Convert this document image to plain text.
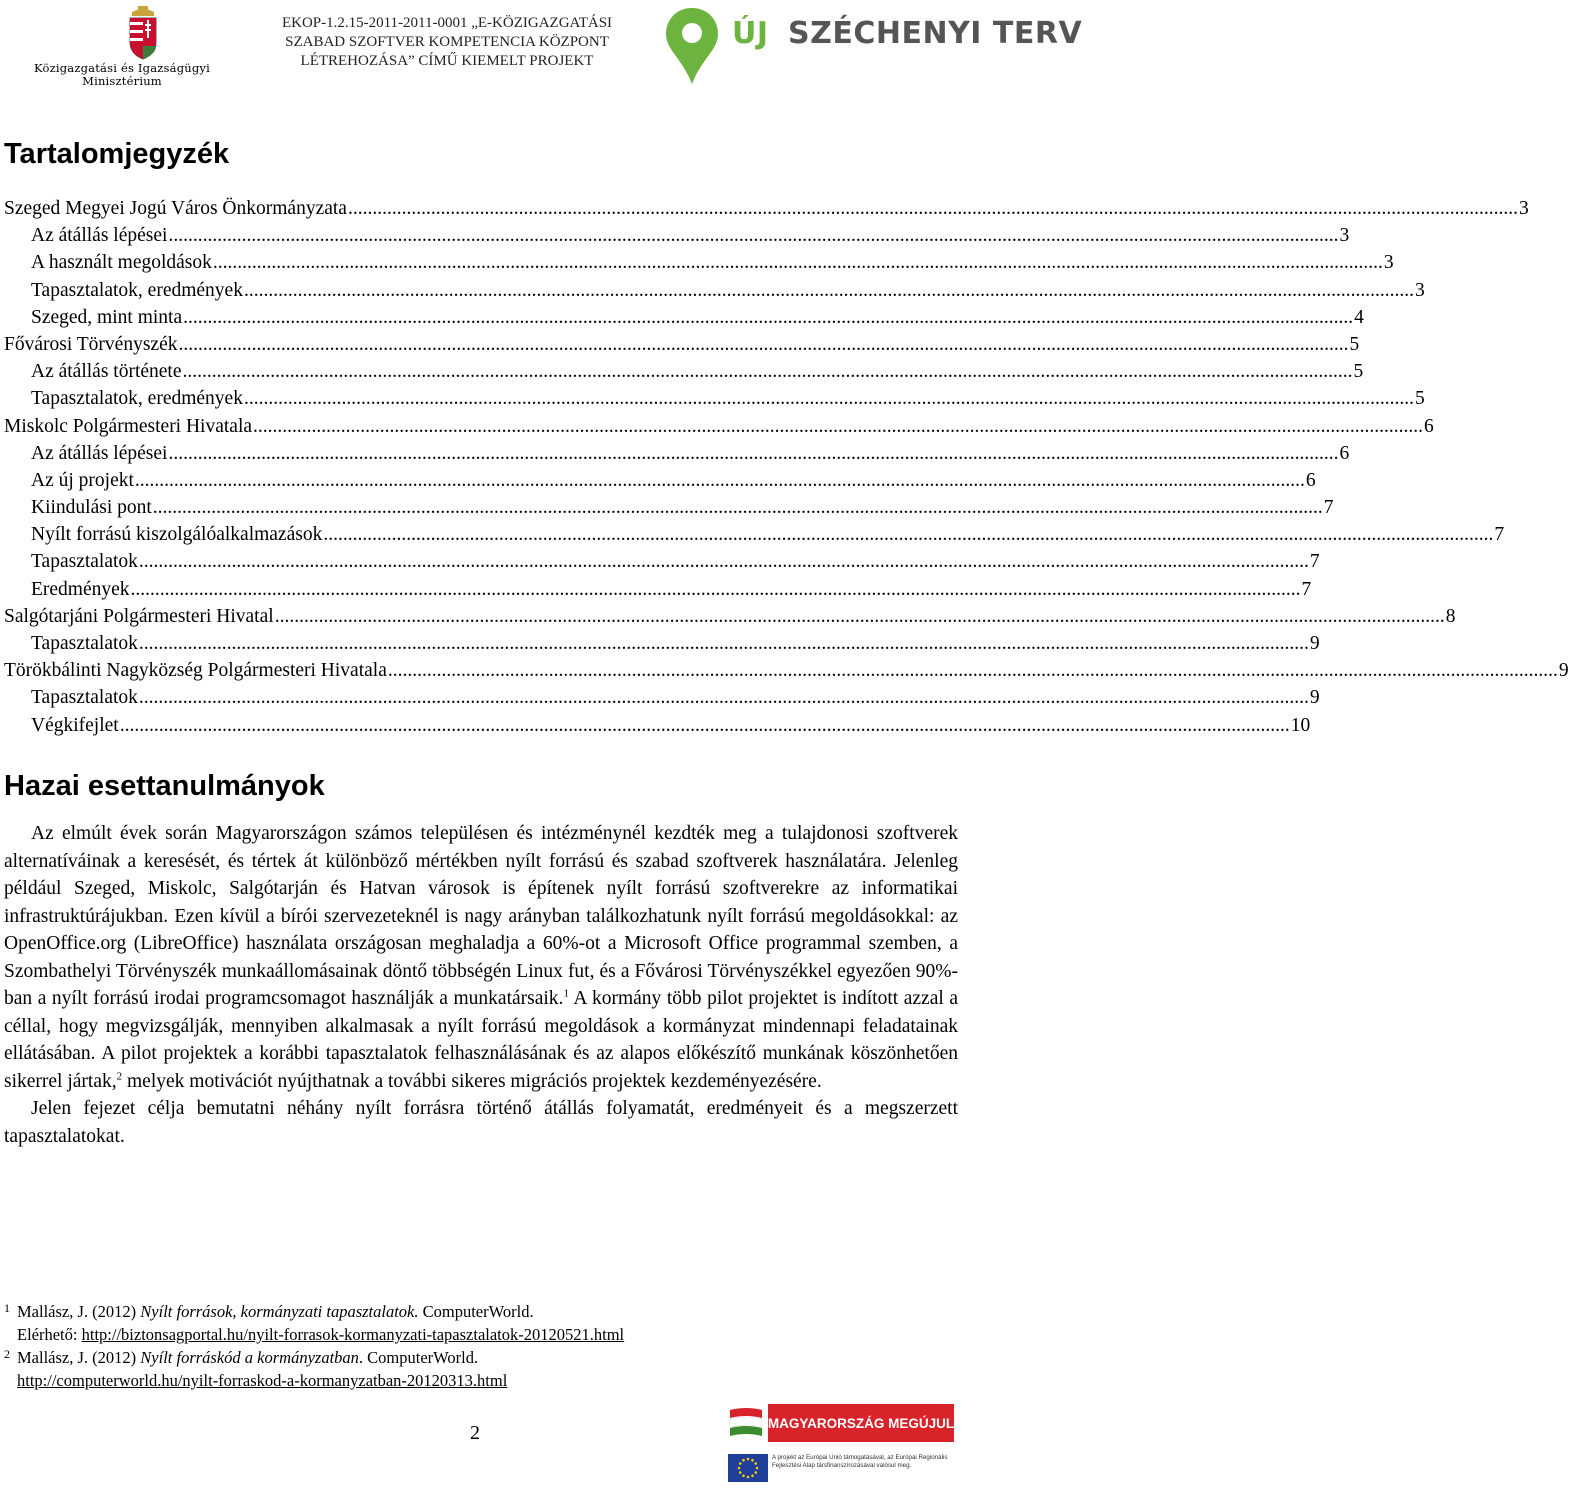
Közigazgatási és Igazságügyi
Minisztérium
EKOP-1.2.15-2011-2011-0001 „E-KÖZIGAZGATÁSI
SZABAD SZOFTVER KOMPETENCIA KÖZPONT
LÉTREHOZÁSA” CÍMŰ KIEMELT PROJEKT
ÚJ SZÉCHENYI TERV
Tartalomjegyzék
Szeged Megyei Jogú Város Önkormányzata .....	3
Az átállás lépései .....	3
A használt megoldások .....	3
Tapasztalatok, eredmények .....	3
Szeged, mint minta .....	4
Fővárosi Törvényszék .....	5
Az átállás története .....	5
Tapasztalatok, eredmények .....	5
Miskolc Polgármesteri Hivatala .....	6
Az átállás lépései .....	6
Az új projekt .....	6
Kiindulási pont .....	7
Nyílt forrású kiszolgálóalkalmazások .....	7
Tapasztalatok .....	7
Eredmények .....	7
Salgótarjáni Polgármesteri Hivatal .....	8
Tapasztalatok .....	9
Törökbálinti Nagyközség Polgármesteri Hivatala .....	9
Tapasztalatok .....	9
Végkifejlet .....	10
Hazai esettanulmányok

Az elmúlt évek során Magyarországon számos településen és intézménynél kezdték meg a tulajdonosi szoftverek alternatíváinak a keresését, és tértek át különböző mértékben nyílt forrású és szabad szoftverek használatára. Jelenleg például Szeged, Miskolc, Salgótarján és Hatvan városok is építenek nyílt forrású szoftverekre az informatikai infrastruktúrájukban. Ezen kívül a bírói szervezeteknél is nagy arányban találkozhatunk nyílt forrású megoldásokkal: az OpenOffice.org (LibreOffice) használata országosan meghaladja a 60%-ot a Microsoft Office programmal szemben, a Szombathelyi Törvényszék munkaállomásainak döntő többségén Linux fut, és a Fővárosi Törvényszékkel egyezően 90%-ban a nyílt forrású irodai programcsomagot használják a munkatársaik.$^1$ A kormány több pilot projektet is indított azzal a céllal, hogy megvizsgálják, mennyiben alkalmasak a nyílt forrású megoldások a kormányzat mindennapi feladatainak ellátásában. A pilot projektek a korábbi tapasztalatok felhasználásának és az alapos előkészítő munkának köszönhetően sikerrel jártak,$^2$ melyek motivációt nyújthatnak a további sikeres migrációs projektek kezdeményezésére.

Jelen fejezet célja bemutatni néhány nyílt forrásra történő átállás folyamatát, eredményeit és a megszerzett tapasztalatokat.

1 Mallász, J. (2012) Nyílt források, kormányzati tapasztalatok. ComputerWorld.
Elérhető: http://biztonsagportal.hu/nyilt-forrasok-kormanyzati-tapasztalatok-20120521.html
2 Mallász, J. (2012) Nyílt forráskód a kormányzatban. ComputerWorld.
http://computerworld.hu/nyilt-forraskod-a-kormanyzatban-20120313.html
2	MAGYARORSZÁG MEGÚJUL
A projekt az Európai Unió támogatásával, az Európai Regionális Fejlesztési Alap társfinanszírozásával valósul meg.
